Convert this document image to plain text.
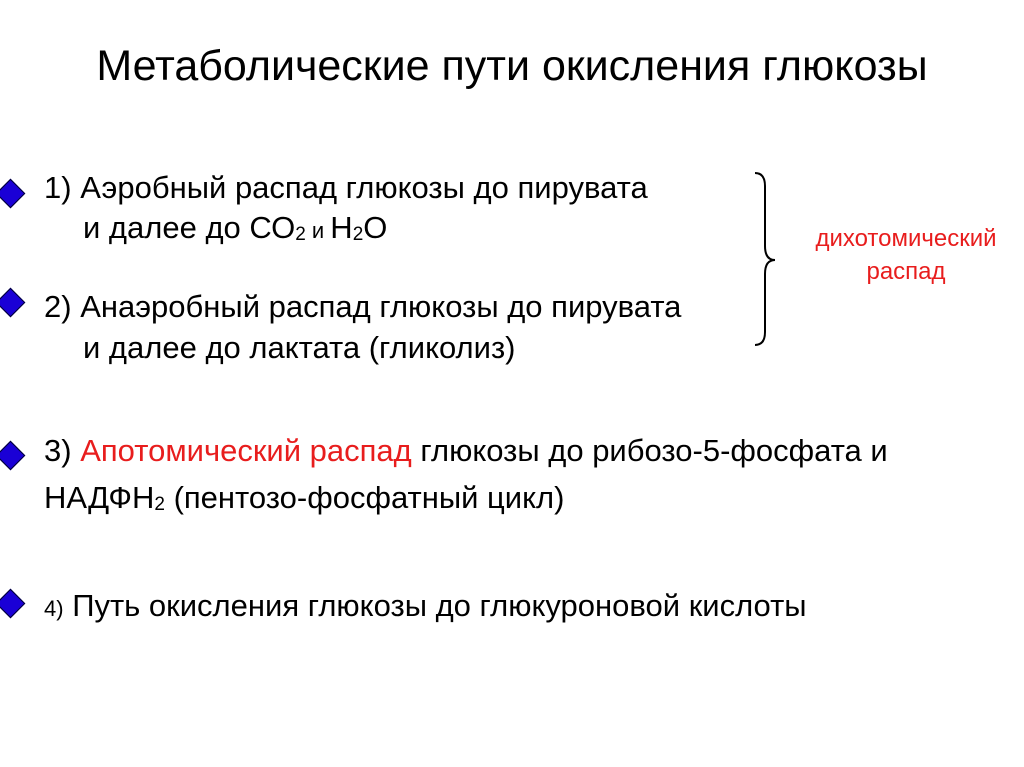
Метаболические пути окисления глюкозы
1) Аэробный распад глюкозы до пирувата
и далее до $СО_2$ и $Н_2О$
2) Анаэробный распад глюкозы до пирувата
и далее до лактата (гликолиз)
дихотомический
распад
3) Апотомический распад глюкозы до рибозо-5-фосфата и
$НАДФН_2$ (пентозо-фосфатный цикл)
4) Путь окисления глюкозы до глюкуроновой кислоты
